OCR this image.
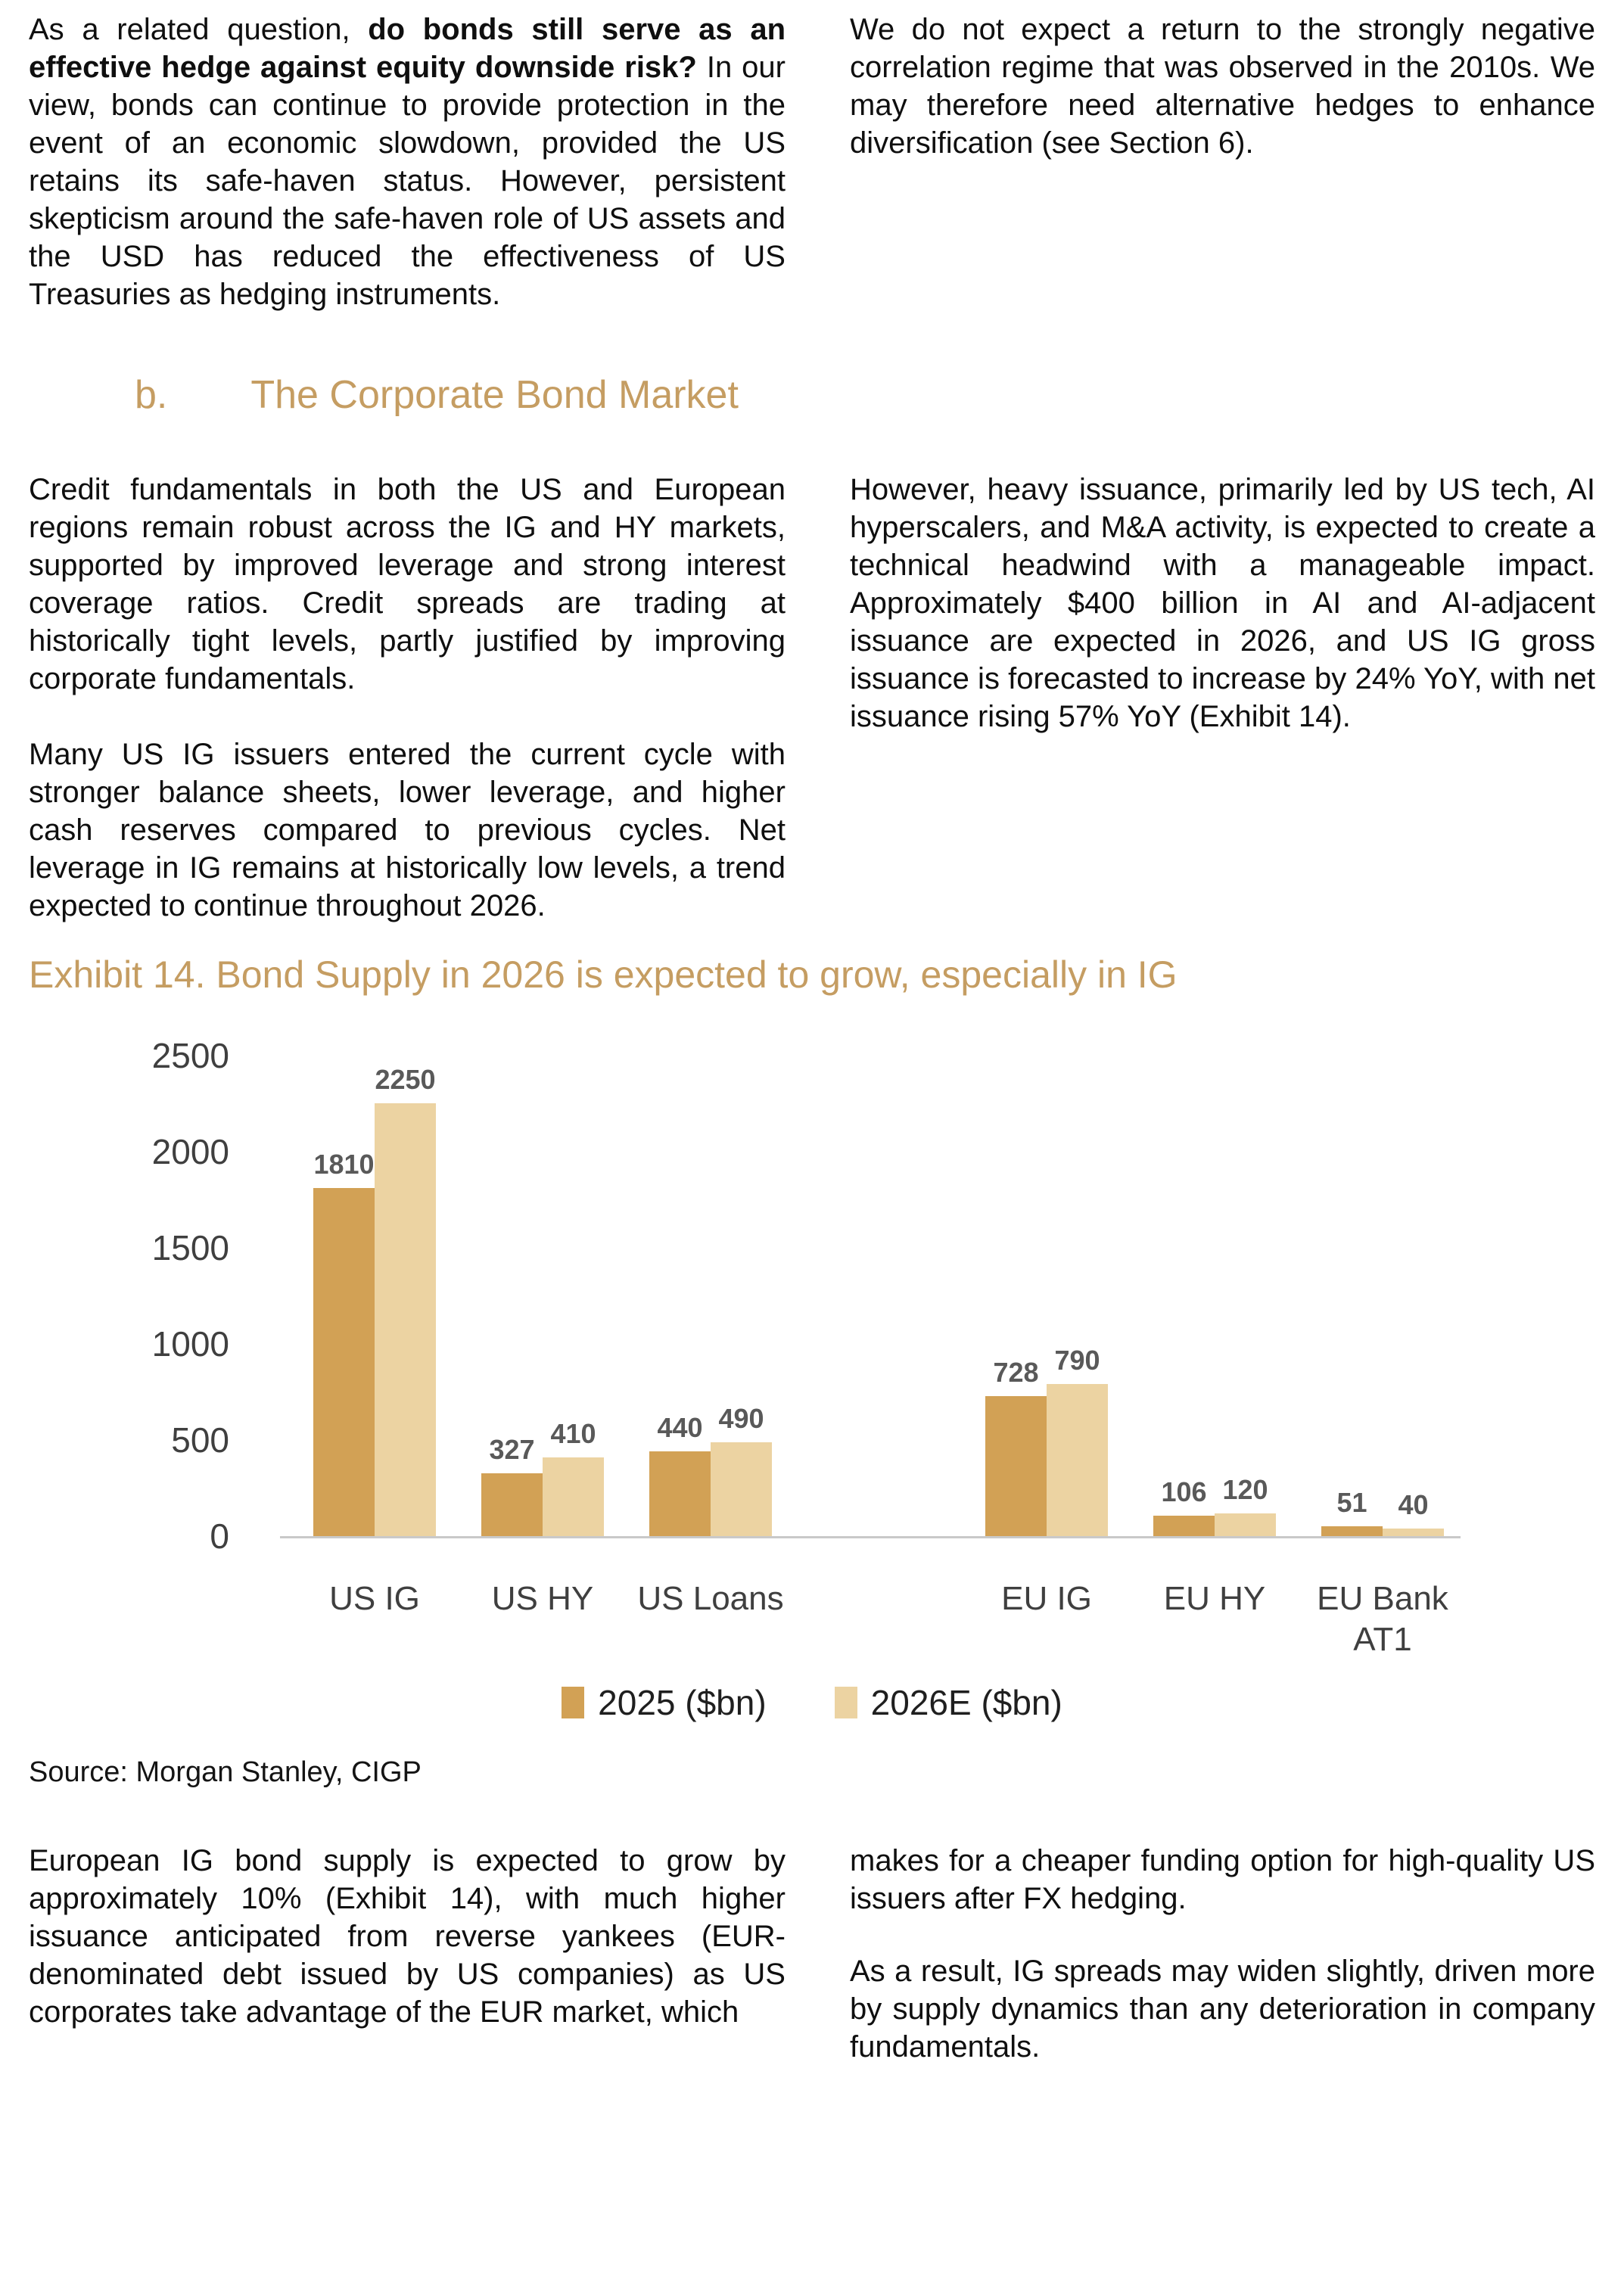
As a related question, do bonds still serve as an effective hedge against equity downside risk? In our view, bonds can continue to provide protection in the event of an economic slowdown, provided the US retains its safe-haven status. However, persistent skepticism around the safe-haven role of US assets and the USD has reduced the effectiveness of US Treasuries as hedging instruments.

We do not expect a return to the strongly negative correlation regime that was observed in the 2010s. We may therefore need alternative hedges to enhance diversification (see Section 6).

b. The Corporate Bond Market

Credit fundamentals in both the US and European regions remain robust across the IG and HY markets, supported by improved leverage and strong interest coverage ratios. Credit spreads are trading at historically tight levels, partly justified by improving corporate fundamentals.

Many US IG issuers entered the current cycle with stronger balance sheets, lower leverage, and higher cash reserves compared to previous cycles. Net leverage in IG remains at historically low levels, a trend expected to continue throughout 2026.

However, heavy issuance, primarily led by US tech, AI hyperscalers, and M&A activity, is expected to create a technical headwind with a manageable impact. Approximately $400 billion in AI and AI-adjacent issuance are expected in 2026, and US IG gross issuance is forecasted to increase by 24% YoY, with net issuance rising 57% YoY (Exhibit 14).

Exhibit 14. Bond Supply in 2026 is expected to grow, especially in IG
2025 ($bn)	2026E ($bn)
0
500
1000
1500
2000
2500
1810
2250
US IG
327
410
US HY
440 490
US Loans
728 790
EU IG
106 120
EU HY
51	40
EU Bank AT1

Source: Morgan Stanley, CIGP

European IG bond supply is expected to grow by approximately 10% (Exhibit 14), with much higher issuance anticipated from reverse yankees (EUR-denominated debt issued by US companies) as US corporates take advantage of the EUR market, which

makes for a cheaper funding option for high-quality US issuers after FX hedging.

As a result, IG spreads may widen slightly, driven more by supply dynamics than any deterioration in company fundamentals.
